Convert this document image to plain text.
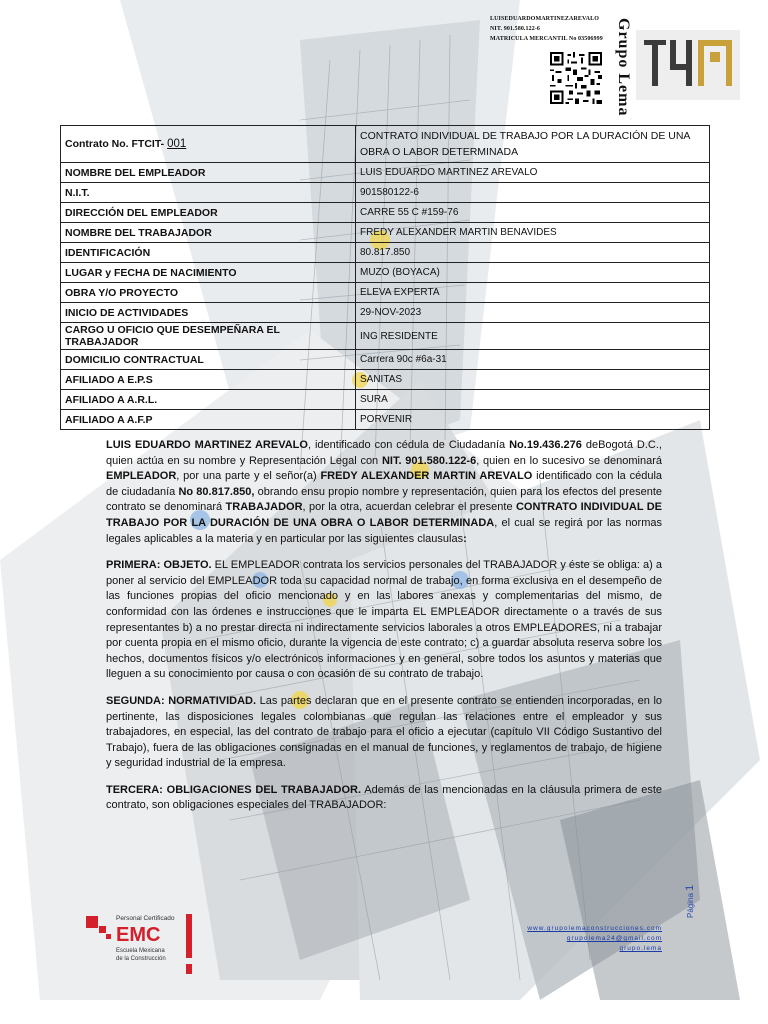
LUISEDUARDOMARTINEZAREVALO
NIT. 901.580.122-6
MATRICULA MERCANTIL No 03506999 Grupo Lema
Contrato No. FTCIT- 001	CONTRATO INDIVIDUAL DE TRABAJO POR LA DURACIÓN DE UNA OBRA O LABOR DETERMINADA
NOMBRE DEL EMPLEADOR	LUIS EDUARDO MARTINEZ AREVALO
N.I.T.	901580122-6
DIRECCIÓN DEL EMPLEADOR	CARRE 55 C #159-76
NOMBRE DEL TRABAJADOR	FREDY ALEXANDER MARTIN BENAVIDES
IDENTIFICACIÓN	80.817.850
LUGAR y FECHA DE NACIMIENTO	MUZO (BOYACA)
OBRA Y/O PROYECTO	ELEVA EXPERTA
INICIO DE ACTIVIDADES	29-NOV-2023
CARGO U OFICIO QUE DESEMPEÑARA EL TRABAJADOR	ING RESIDENTE
DOMICILIO CONTRACTUAL	Carrera 90c #6a-31
AFILIADO A E.P.S	SANITAS
AFILIADO A A.R.L.	SURA
AFILIADO A A.F.P	PORVENIR

LUIS EDUARDO MARTINEZ AREVALO, identificado con cédula de Ciudadanía No.19.436.276 deBogotá D.C., quien actúa en su nombre y Representación Legal con NIT. 901.580.122-6, quien en lo sucesivo se denominará EMPLEADOR, por una parte y el señor(a) FREDY ALEXANDER MARTIN AREVALO identificado con la cédula de ciudadanía No 80.817.850, obrando ensu propio nombre y representación, quien para los efectos del presente contrato se denominará TRABAJADOR, por la otra, acuerdan celebrar el presente CONTRATO INDIVIDUAL DE TRABAJO POR LA DURACIÓN DE UNA OBRA O LABOR DETERMINADA, el cual se regirá por las normas legales aplicables a la materia y en particular por las siguientes clausulas:

PRIMERA: OBJETO. EL EMPLEADOR contrata los servicios personales del TRABAJADOR y éste se obliga: a) a poner al servicio del EMPLEADOR toda su capacidad normal de trabajo, en forma exclusiva en el desempeño de las funciones propias del oficio mencionado y en las labores anexas y complementarias del mismo, de conformidad con las órdenes e instrucciones que le imparta EL EMPLEADOR directamente o a través de sus representantes b) a no prestar directa ni indirectamente servicios laborales a otros EMPLEADORES, ni a trabajar por cuenta propia en el mismo oficio, durante la vigencia de este contrato; c) a guardar absoluta reserva sobre los hechos, documentos físicos y/o electrónicos informaciones y en general, sobre todos los asuntos y materias que lleguen a su conocimiento por causa o con ocasión de su contrato de trabajo.

SEGUNDA: NORMATIVIDAD. Las partes declaran que en el presente contrato se entienden incorporadas, en lo pertinente, las disposiciones legales colombianas que regulan las relaciones entre el empleador y sus trabajadores, en especial, las del contrato de trabajo para el oficio a ejecutar (capítulo VII Código Sustantivo del Trabajo), fuera de las obligaciones consignadas en el manual de funciones, y reglamentos de trabajo, de higiene y seguridad industrial de la empresa.

TERCERA: OBLIGACIONES DEL TRABAJADOR. Además de las mencionadas en la cláusula primera de este contrato, son obligaciones especiales del TRABAJADOR:

Personal Certificado
EMC
Escuela Mexicana
de la Construcción
www.grupolemaconstrucciones.com
grupolema24@gmail.com
grupo.lema
Página 1
